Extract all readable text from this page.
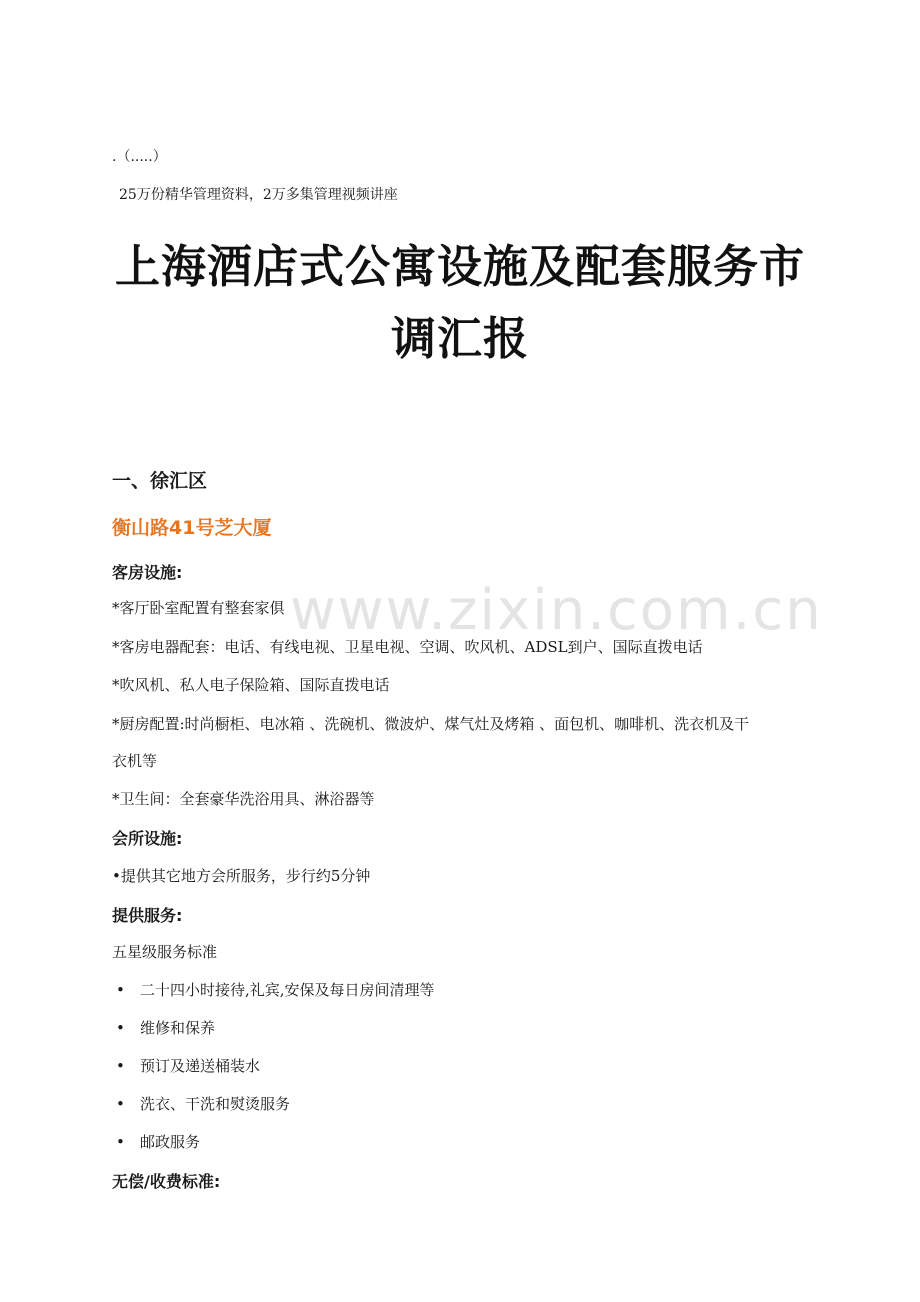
www.zixin.com.cn
.（.....）
25万份精华管理资料，2万多集管理视频讲座
上海酒店式公寓设施及配套服务市
调汇报
一、徐汇区
衡山路41号芝大厦
客房设施:
*客厅卧室配置有整套家俱
*客房电器配套：电话、有线电视、卫星电视、空调、吹风机、ADSL到户、国际直拨电话
*吹风机、私人电子保险箱、国际直拨电话
*厨房配置:时尚橱柜、电冰箱 、洗碗机、微波炉、煤气灶及烤箱 、面包机、咖啡机、洗衣机及干
衣机等
*卫生间：全套豪华洗浴用具、淋浴器等
会所设施:
•提供其它地方会所服务，步行约5分钟
提供服务:
五星级服务标准
• 二十四小时接待,礼宾,安保及每日房间清理等
• 维修和保养
• 预订及递送桶装水
• 洗衣、干洗和熨烫服务
• 邮政服务
无偿/收费标准:
